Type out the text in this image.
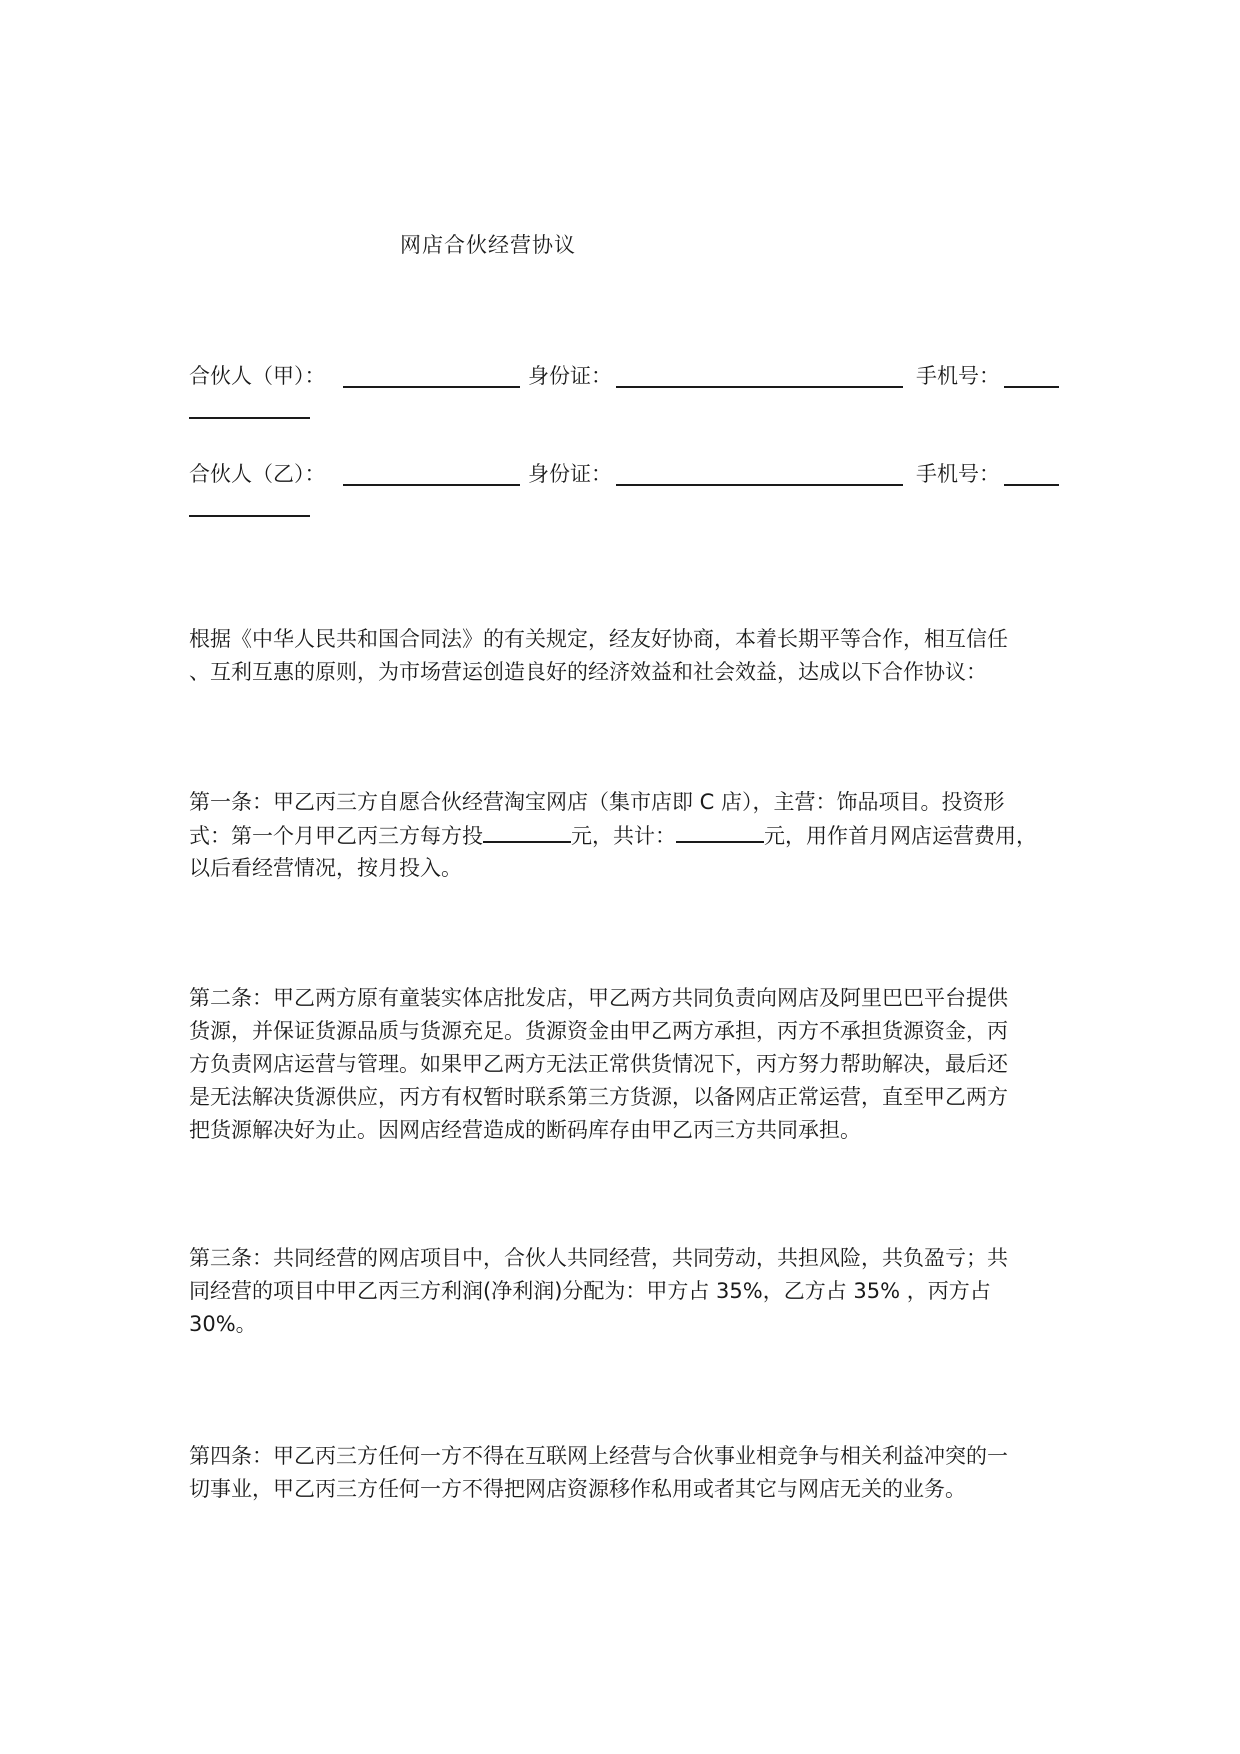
网店合伙经营协议
合伙人（甲）：	身份证：	手机号：
合伙人（乙）：	身份证：	手机号：
根据《中华人民共和国合同法》的有关规定，经友好协商，本着长期平等合作，相互信任
、互利互惠的原则，为市场营运创造良好的经济效益和社会效益，达成以下合作协议：
第一条：甲乙丙三方自愿合伙经营淘宝网店（集市店即 C 店），主营：饰品项目。投资形
式：第一个月甲乙丙三方每方投	元，共计：	元，用作首月网店运营费用，
以后看经营情况，按月投入。
第二条：甲乙两方原有童装实体店批发店，甲乙两方共同负责向网店及阿里巴巴平台提供
货源，并保证货源品质与货源充足。货源资金由甲乙两方承担，丙方不承担货源资金，丙
方负责网店运营与管理。如果甲乙两方无法正常供货情况下，丙方努力帮助解决，最后还
是无法解决货源供应，丙方有权暂时联系第三方货源，以备网店正常运营，直至甲乙两方
把货源解决好为止。因网店经营造成的断码库存由甲乙丙三方共同承担。
第三条：共同经营的网店项目中，合伙人共同经营，共同劳动，共担风险，共负盈亏；共
同经营的项目中甲乙丙三方利润(净利润)分配为：甲方占 35%，乙方占 35% ，丙方占
30%。
第四条：甲乙丙三方任何一方不得在互联网上经营与合伙事业相竞争与相关利益冲突的一
切事业，甲乙丙三方任何一方不得把网店资源移作私用或者其它与网店无关的业务。
